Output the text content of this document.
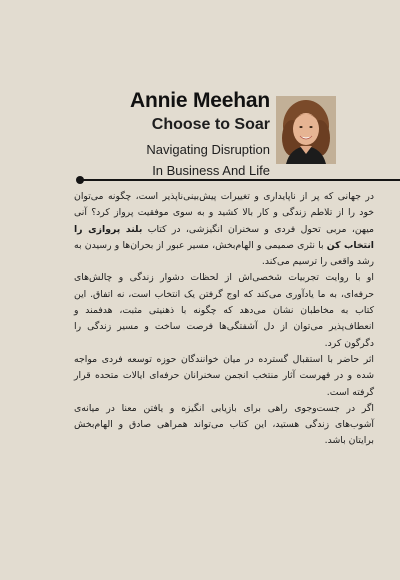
Annie Meehan
Choose to Soar
Navigating Disruption
In Business And Life

در جهانی که پر از ناپایداری و تغییرات پیش‌بینی‌ناپذیر است، چگونه می‌توان خود را از تلاطم زندگی و کار بالا کشید و به سوی موفقیت پرواز کرد؟ آنی میهن، مربی تحول فردی و سخنران انگیزشی، در کتاب بلند پروازی را انتخاب کن با نثری صمیمی و الهام‌بخش، مسیر عبور از بحران‌ها و رسیدن به رشد واقعی را ترسیم می‌کند.

او با روایت تجربیات شخصی‌اش از لحظات دشوار زندگی و چالش‌های حرفه‌ای، به ما یادآوری می‌کند که اوج گرفتن یک انتخاب است، نه اتفاق. این کتاب به مخاطبان نشان می‌دهد که چگونه با ذهنیتی مثبت، هدفمند و انعطاف‌پذیر می‌توان از دل آشفتگی‌ها فرصت ساخت و مسیر زندگی را دگرگون کرد.

اثر حاضر با استقبال گسترده در میان خوانندگان حوزه توسعه فردی مواجه شده و در فهرست آثار منتخب انجمن سخنرانان حرفه‌ای ایالات متحده قرار گرفته است.

اگر در جست‌وجوی راهی برای بازیابی انگیزه و یافتن معنا در میانه‌ی آشوب‌های زندگی هستید، این کتاب می‌تواند همراهی صادق و الهام‌بخش برایتان باشد.
